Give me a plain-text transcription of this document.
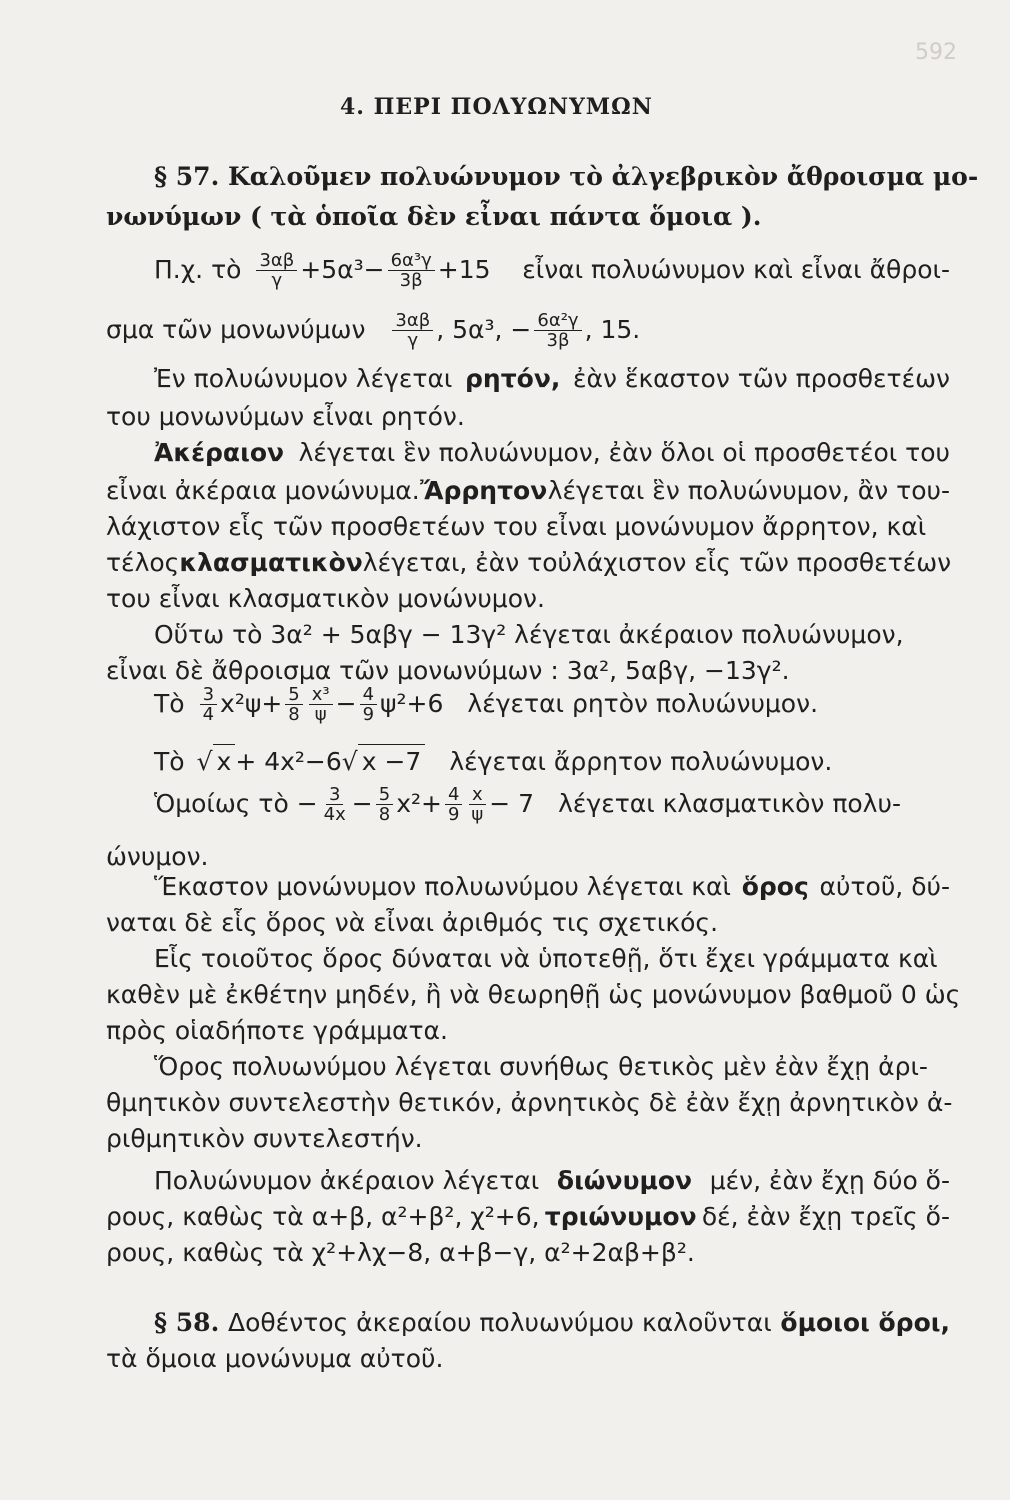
592
4. ΠΕΡΙ ΠΟΛΥΩΝΥΜΩΝ
§ 57. Καλοῦμεν πολυώνυμον τὸ ἀλγεβρικὸν ἄθροισμα μο-
νωνύμων ( τὰ ὁποῖα δὲν εἶναι πάντα ὅμοια ).
Π.χ. τὸ $\frac{3\alpha\beta}{\gamma} +5\alpha^3- \frac{\text{6α³γ}}{3\beta} +15$ εἶναι πολυώνυμον καὶ εἶναι ἄθροι-
σμα τῶν μονωνύμων $\frac{3\alpha\beta}{\gamma}$ , 5α³, − $\frac{\text{6α²γ}}{3\beta}$ , 15.
Ἐν πολυώνυμον λέγεται ρητόν, ἐὰν ἕκαστον τῶν προσθετέων
του μονωνύμων εἶναι ρητόν.
Ἀκέραιον λέγεται ἓν πολυώνυμον, ἐὰν ὅλοι οἱ προσθετέοι του
εἶναι ἀκέραια μονώνυμα. Ἄρρητον λέγεται ἓν πολυώνυμον, ἂν του-
λάχιστον εἷς τῶν προσθετέων του εἶναι μονώνυμον ἄρρητον, καὶ
τέλος κλασματικὸν λέγεται, ἐὰν τοὐλάχιστον εἷς τῶν προσθετέων
του εἶναι κλασματικὸν μονώνυμον.
Οὕτω τὸ 3α² + 5αβγ − 13γ² λέγεται ἀκέραιον πολυώνυμον,
εἶναι δὲ ἄθροισμα τῶν μονωνύμων : 3α², 5αβγ, −13γ².
Τὸ $\frac{3}{4} x^2\psi+ \frac{5}{8} \frac{\text{x³}}{\psi} - \frac{4}{9} \psi^2+6$ λέγεται ρητὸν πολυώνυμον.
Τὸ √ x + 4x²−6 √ x −7 λέγεται ἄρρητον πολυώνυμον.
Ὁμοίως τὸ − $\frac{3}{4x} - \frac{5}{8} x^2+ \frac{4}{9} \frac{x}{\psi} - 7$ λέγεται κλασματικὸν πολυ-
ώνυμον.
Ἕκαστον μονώνυμον πολυωνύμου λέγεται καὶ ὅρος αὐτοῦ, δύ-
ναται δὲ εἷς ὅρος νὰ εἶναι ἀριθμός τις σχετικός.
Εἷς τοιοῦτος ὅρος δύναται νὰ ὑποτεθῇ, ὅτι ἔχει γράμματα καὶ
καθὲν μὲ ἐκθέτην μηδέν, ἢ νὰ θεωρηθῇ ὡς μονώνυμον βαθμοῦ 0 ὡς
πρὸς οἱαδήποτε γράμματα.
Ὅρος πολυωνύμου λέγεται συνήθως θετικὸς μὲν ἐὰν ἔχῃ ἀρι-
θμητικὸν συντελεστὴν θετικόν, ἀρνητικὸς δὲ ἐὰν ἔχῃ ἀρνητικὸν ἀ-
ριθμητικὸν συντελεστήν.
Πολυώνυμον ἀκέραιον λέγεται διώνυμον μέν, ἐὰν ἔχῃ δύο ὅ-
ρους, καθὼς τὰ α+β, α²+β², χ²+6, τριώνυμον δέ, ἐὰν ἔχῃ τρεῖς ὅ-
ρους, καθὼς τὰ χ²+λχ−8, α+β−γ, α²+2αβ+β².
§ 58. Δοθέντος ἀκεραίου πολυωνύμου καλοῦνται ὅμοιοι ὅροι,
τὰ ὅμοια μονώνυμα αὐτοῦ.
